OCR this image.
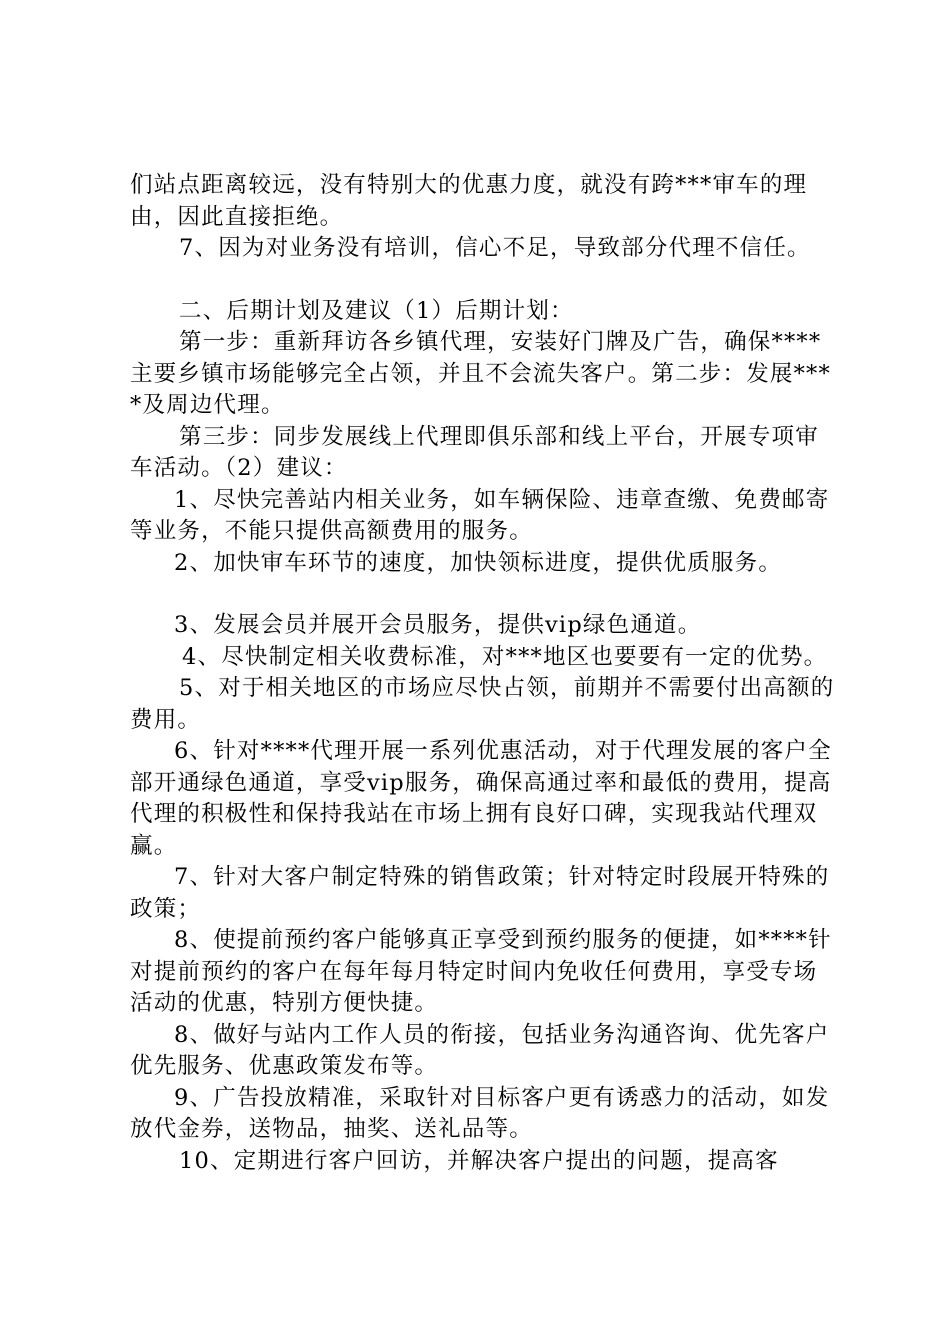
们站点距离较远，没有特别大的优惠力度，就没有跨***审车的理由，因此直接拒绝。

7、因为对业务没有培训，信心不足，导致部分代理不信任。

二、后期计划及建议（1）后期计划：

第一步：重新拜访各乡镇代理，安装好门牌及广告，确保****主要乡镇市场能够完全占领，并且不会流失客户。第二步：发展****及周边代理。

第三步：同步发展线上代理即俱乐部和线上平台，开展专项审车活动。（2）建议：

1、尽快完善站内相关业务，如车辆保险、违章查缴、免费邮寄等业务，不能只提供高额费用的服务。

2、加快审车环节的速度，加快领标进度，提供优质服务。

3、发展会员并展开会员服务，提供vip绿色通道。

4、尽快制定相关收费标准，对***地区也要要有一定的优势。

5、对于相关地区的市场应尽快占领，前期并不需要付出高额的费用。

6、针对****代理开展一系列优惠活动，对于代理发展的客户全部开通绿色通道，享受vip服务，确保高通过率和最低的费用，提高代理的积极性和保持我站在市场上拥有良好口碑，实现我站代理双赢。

7、针对大客户制定特殊的销售政策；针对特定时段展开特殊的政策；

8、使提前预约客户能够真正享受到预约服务的便捷，如****针对提前预约的客户在每年每月特定时间内免收任何费用，享受专场活动的优惠，特别方便快捷。

8、做好与站内工作人员的衔接，包括业务沟通咨询、优先客户优先服务、优惠政策发布等。

9、广告投放精准，采取针对目标客户更有诱惑力的活动，如发放代金券，送物品，抽奖、送礼品等。

10、定期进行客户回访，并解决客户提出的问题，提高客
